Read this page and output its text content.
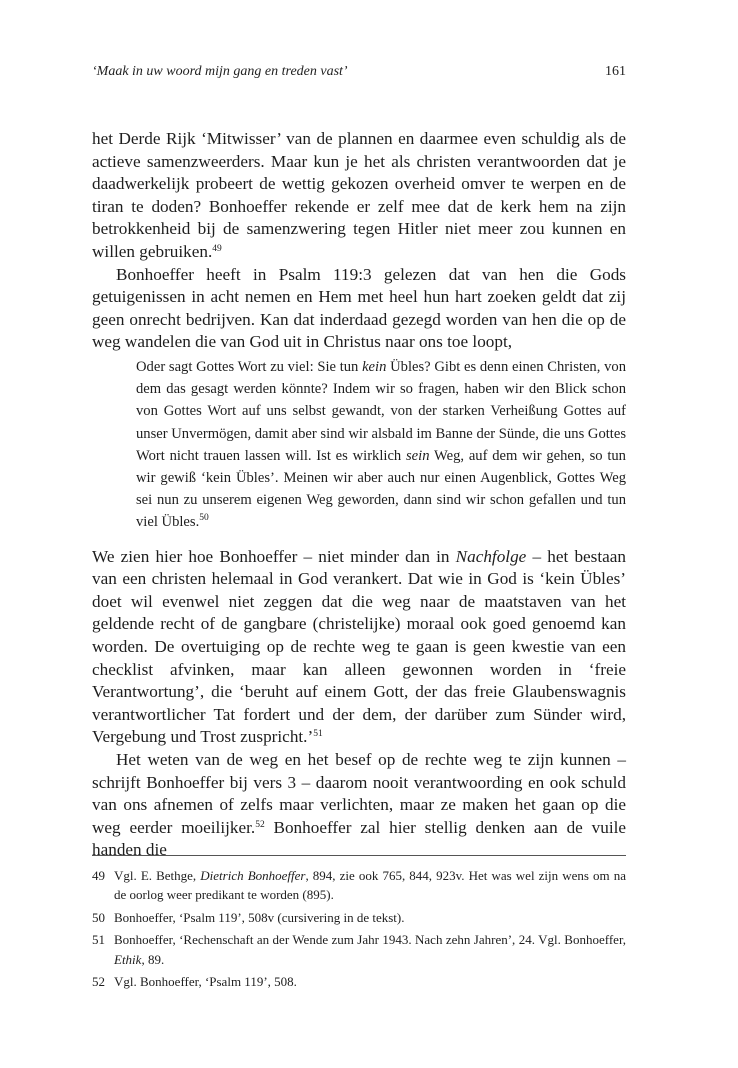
‘Maak in uw woord mijn gang en treden vast’	161

het Derde Rijk ‘Mitwisser’ van de plannen en daarmee even schuldig als de actieve samenzweerders. Maar kun je het als christen verantwoorden dat je daadwerkelijk probeert de wettig gekozen overheid omver te werpen en de tiran te doden? Bonhoeffer rekende er zelf mee dat de kerk hem na zijn betrokkenheid bij de samenzwering tegen Hitler niet meer zou kunnen en willen gebruiken.$^{49}$

Bonhoeffer heeft in Psalm 119:3 gelezen dat van hen die Gods getuigenissen in acht nemen en Hem met heel hun hart zoeken geldt dat zij geen onrecht bedrijven. Kan dat inderdaad gezegd worden van hen die op de weg wandelen die van God uit in Christus naar ons toe loopt,

Oder sagt Gottes Wort zu viel: Sie tun kein Übles? Gibt es denn einen Christen, von dem das gesagt werden könnte? Indem wir so fragen, haben wir den Blick schon von Gottes Wort auf uns selbst gewandt, von der starken Verheißung Gottes auf unser Unvermögen, damit aber sind wir alsbald im Banne der Sünde, die uns Gottes Wort nicht trauen lassen will. Ist es wirklich sein Weg, auf dem wir gehen, so tun wir gewiß ‘kein Übles’. Meinen wir aber auch nur einen Augenblick, Gottes Weg sei nun zu unserem eigenen Weg geworden, dann sind wir schon gefallen und tun viel Übles.$^{50}$

We zien hier hoe Bonhoeffer – niet minder dan in Nachfolge – het bestaan van een christen helemaal in God verankert. Dat wie in God is ‘kein Übles’ doet wil evenwel niet zeggen dat die weg naar de maatstaven van het geldende recht of de gangbare (christelijke) moraal ook goed genoemd kan worden. De overtuiging op de rechte weg te gaan is geen kwestie van een checklist afvinken, maar kan alleen gewonnen worden in ‘freie Verantwortung’, die ‘beruht auf einem Gott, der das freie Glaubenswagnis verantwortlicher Tat fordert und der dem, der darüber zum Sünder wird, Vergebung und Trost zuspricht.’$^{51}$

Het weten van de weg en het besef op de rechte weg te zijn kunnen – schrijft Bonhoeffer bij vers 3 – daarom nooit verantwoording en ook schuld van ons afnemen of zelfs maar verlichten, maar ze maken het gaan op die weg eerder moeilijker.$^{52}$ Bonhoeffer zal hier stellig denken aan de vuile handen die

49 Vgl. E. Bethge, Dietrich Bonhoeffer, 894, zie ook 765, 844, 923v. Het was wel zijn wens om na de oorlog weer predikant te worden (895).
50 Bonhoeffer, ‘Psalm 119’, 508v (cursivering in de tekst).
51 Bonhoeffer, ‘Rechenschaft an der Wende zum Jahr 1943. Nach zehn Jahren’, 24. Vgl. Bonhoeffer, Ethik, 89.
52 Vgl. Bonhoeffer, ‘Psalm 119’, 508.
